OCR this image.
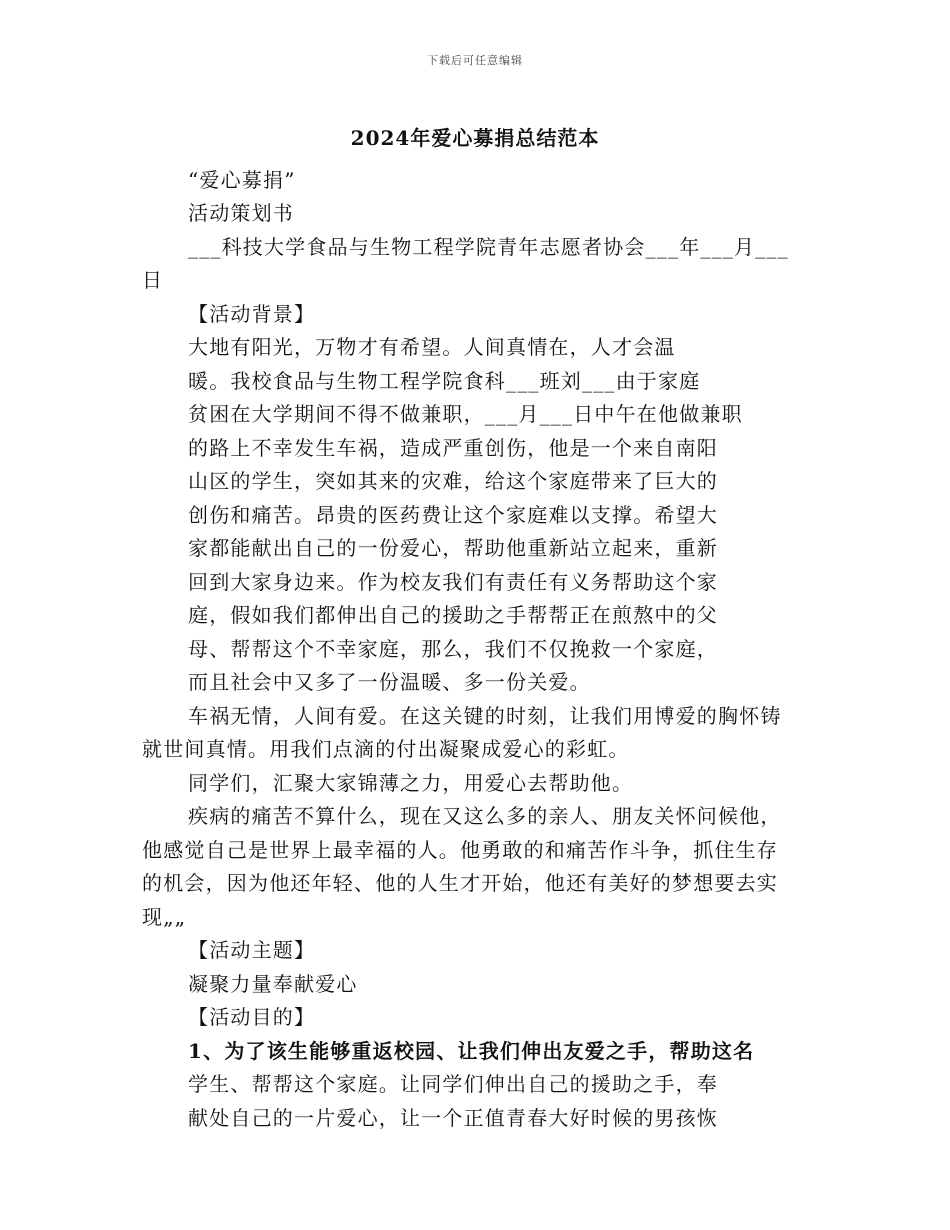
下载后可任意编辑
2024年爱心募捐总结范本
“爱心募捐”
活动策划书
___科技大学食品与生物工程学院青年志愿者协会___年___月___
日
【活动背景】
大地有阳光，万物才有希望。人间真情在，人才会温
暖。我校食品与生物工程学院食科___班刘___由于家庭
贫困在大学期间不得不做兼职，___月___日中午在他做兼职
的路上不幸发生车祸，造成严重创伤，他是一个来自南阳
山区的学生，突如其来的灾难，给这个家庭带来了巨大的
创伤和痛苦。昂贵的医药费让这个家庭难以支撑。希望大
家都能献出自己的一份爱心，帮助他重新站立起来，重新
回到大家身边来。作为校友我们有责任有义务帮助这个家
庭，假如我们都伸出自己的援助之手帮帮正在煎熬中的父
母、帮帮这个不幸家庭，那么，我们不仅挽救一个家庭，
而且社会中又多了一份温暖、多一份关爱。
车祸无情，人间有爱。在这关键的时刻，让我们用博爱的胸怀铸
就世间真情。用我们点滴的付出凝聚成爱心的彩虹。
同学们，汇聚大家锦薄之力，用爱心去帮助他。
疾病的痛苦不算什么，现在又这么多的亲人、朋友关怀问候他，
他感觉自己是世界上最幸福的人。他勇敢的和痛苦作斗争，抓住生存
的机会，因为他还年轻、他的人生才开始，他还有美好的梦想要去实
现„„
【活动主题】
凝聚力量奉献爱心
【活动目的】
1、为了该生能够重返校园、让我们伸出友爱之手，帮助这名
学生、帮帮这个家庭。让同学们伸出自己的援助之手，奉
献处自己的一片爱心，让一个正值青春大好时候的男孩恢
